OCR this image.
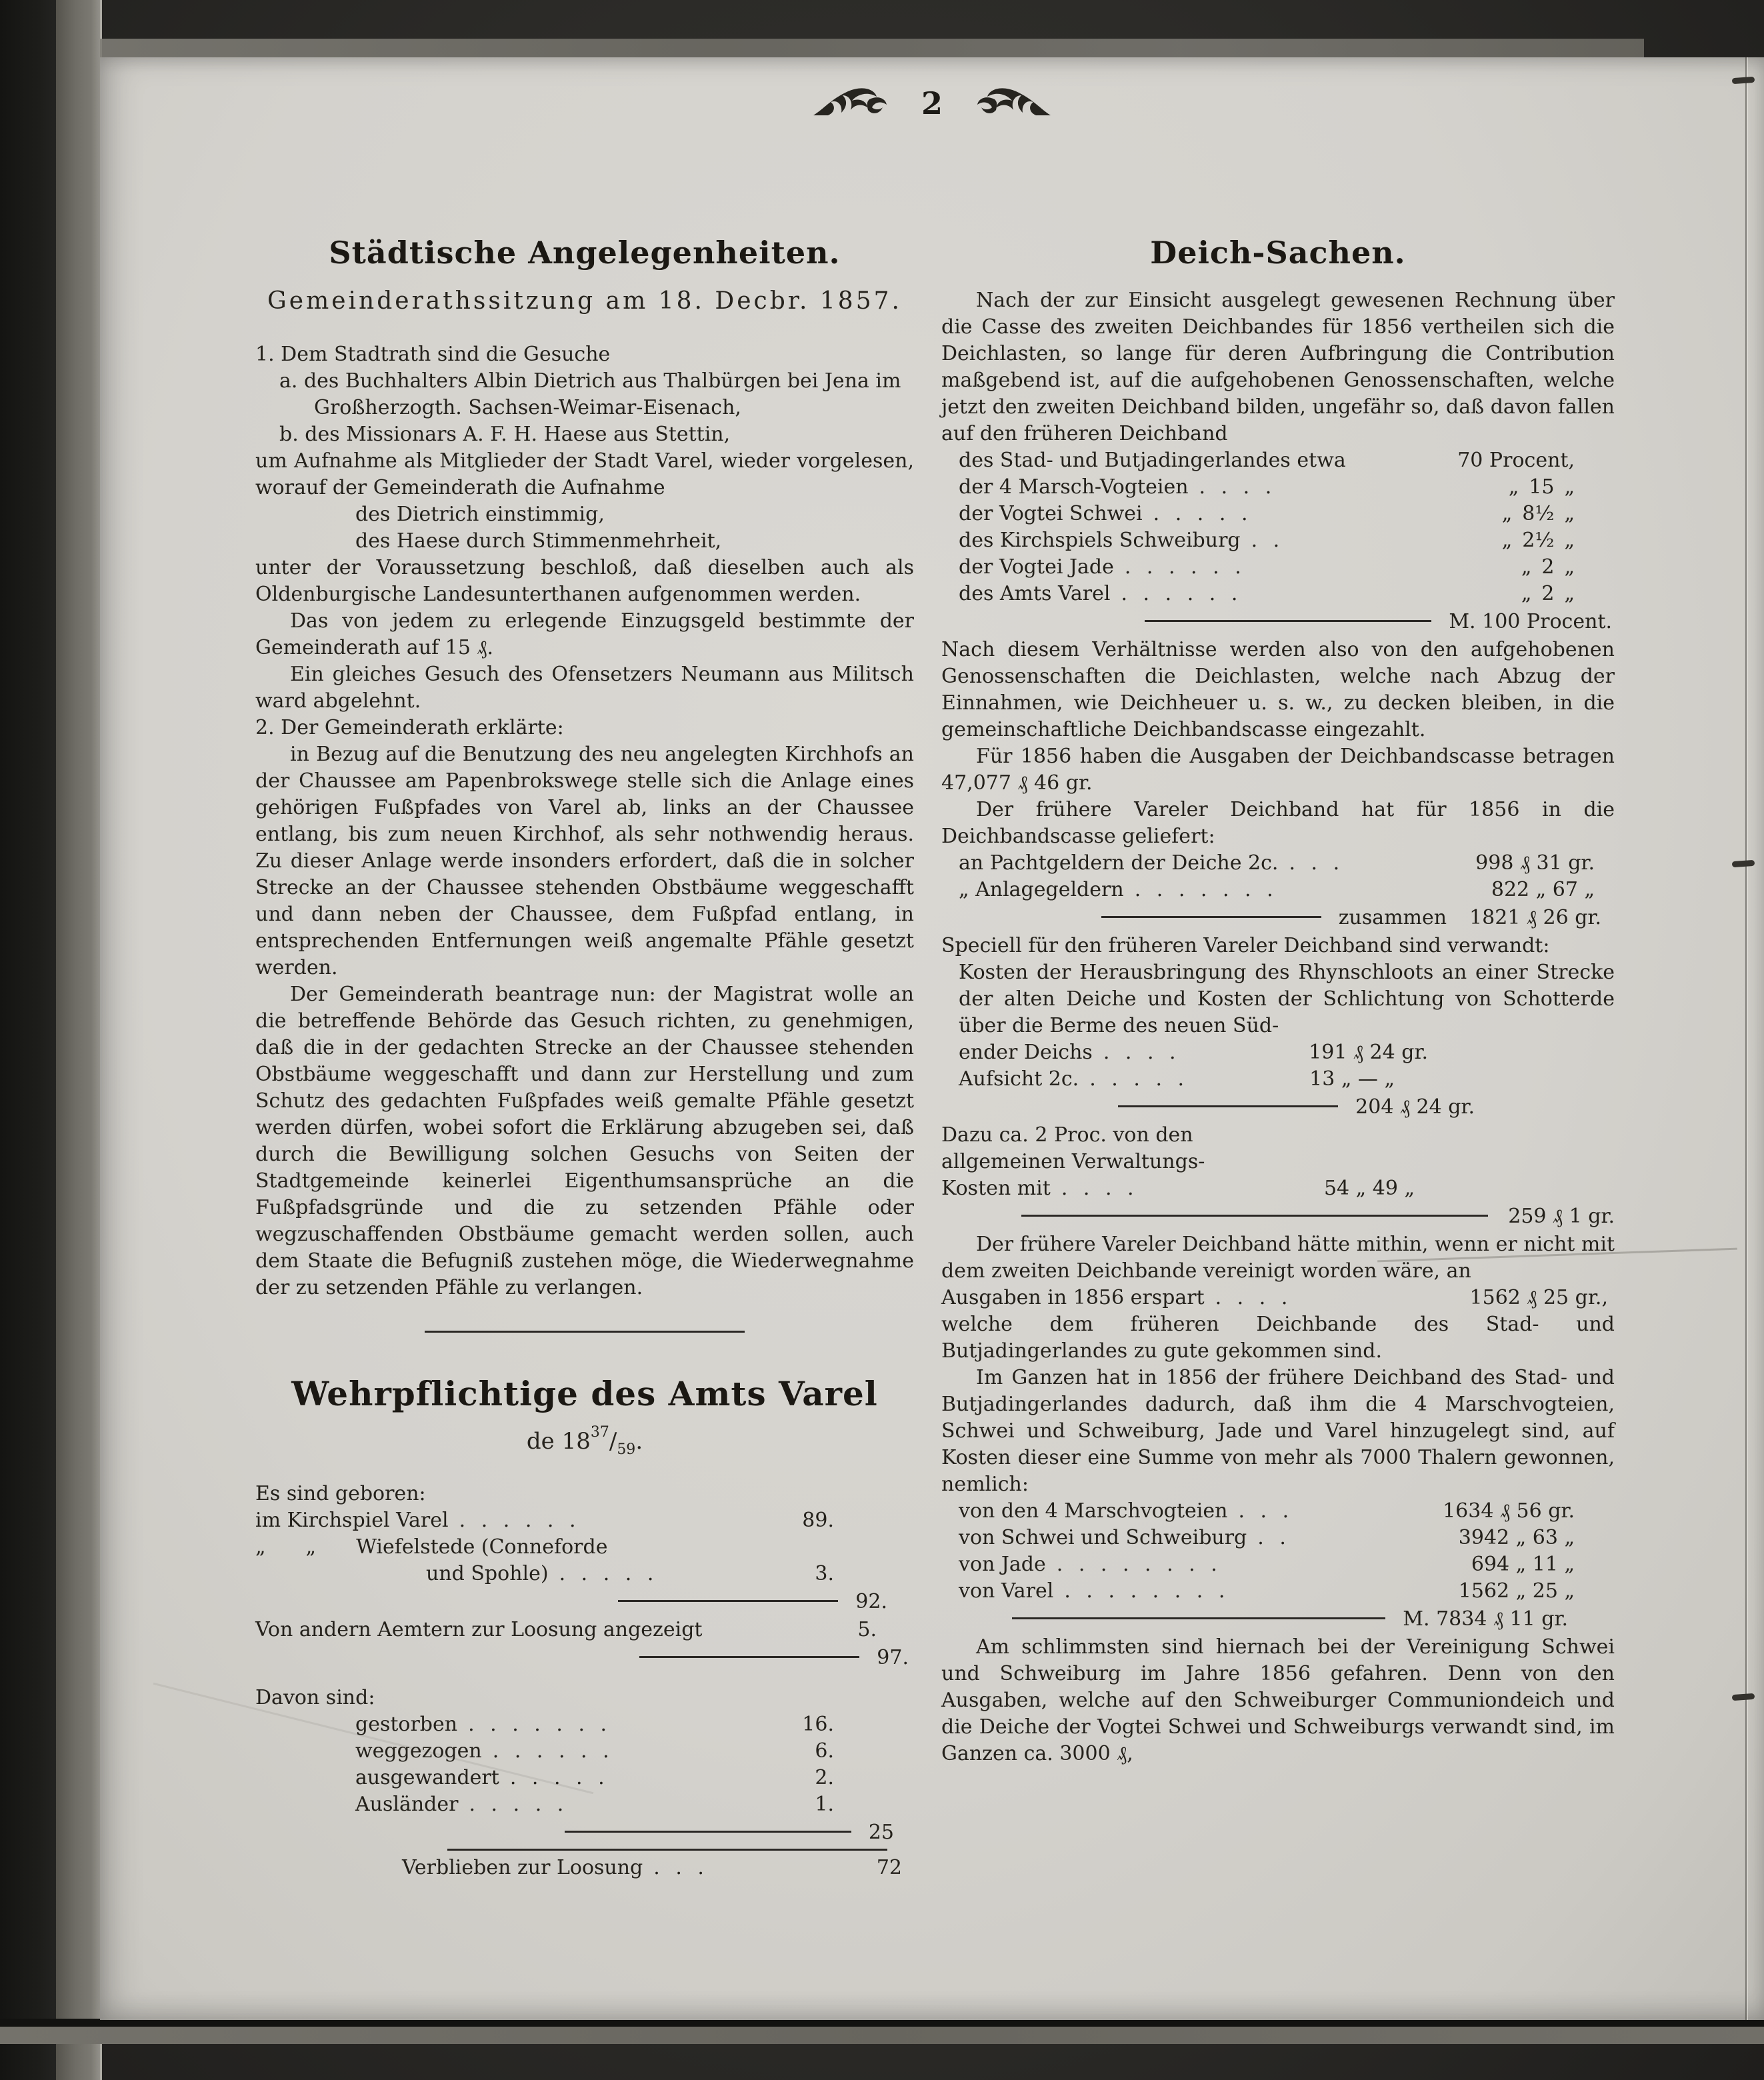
2
Städtische Angelegenheiten.
Gemeinderathssitzung am 18. Decbr. 1857.

1. Dem Stadtrath sind die Gesuche

a. des Buchhalters Albin Dietrich aus Thalbürgen bei Jena im Großherzogth. Sachsen-Weimar-Eisenach,

b. des Missionars A. F. H. Haese aus Stettin,

um Aufnahme als Mitglieder der Stadt Varel, wieder vorgelesen, worauf der Gemeinderath die Aufnahme

des Dietrich einstimmig,

des Haese durch Stimmenmehrheit,

unter der Voraussetzung beschloß, daß dieselben auch als Oldenburgische Landesunterthanen aufgenommen werden.

Das von jedem zu erlegende Einzugsgeld bestimmte der Gemeinderath auf 15 ₰.

Ein gleiches Gesuch des Ofensetzers Neumann aus Militsch ward abgelehnt.

2. Der Gemeinderath erklärte:

in Bezug auf die Benutzung des neu angelegten Kirchhofs an der Chaussee am Papenbrokswege stelle sich die Anlage eines gehörigen Fußpfades von Varel ab, links an der Chaussee entlang, bis zum neuen Kirchhof, als sehr nothwendig heraus. Zu dieser Anlage werde insonders erfordert, daß die in solcher Strecke an der Chaussee stehenden Obstbäume weggeschafft und dann neben der Chaussee, dem Fußpfad entlang, in entsprechenden Entfernungen weiß angemalte Pfähle gesetzt werden.

Der Gemeinderath beantrage nun: der Magistrat wolle an die betreffende Behörde das Gesuch richten, zu genehmigen, daß die in der gedachten Strecke an der Chaussee stehenden Obstbäume weggeschafft und dann zur Herstellung und zum Schutz des gedachten Fußpfades weiß gemalte Pfähle gesetzt werden dürfen, wobei sofort die Erklärung abzugeben sei, daß durch die Bewilligung solchen Gesuchs von Seiten der Stadtgemeinde keinerlei Eigenthumsansprüche an die Fußpfadsgründe und die zu setzenden Pfähle oder wegzuschaffenden Obstbäume gemacht werden sollen, auch dem Staate die Befugniß zustehen möge, die Wiederwegnahme der zu setzenden Pfähle zu verlangen.

Wehrpflichtige des Amts Varel
de $18^{37}/_{59}$.

Es sind geboren:

im Kirchspiel Varel . . . . . .	89.
„  „  Wiefelstede (Conneforde
und Spohle) . . . . .	3.
92.
Von andern Aemtern zur Loosung angezeigt	5.
97.

Davon sind:

gestorben . . . . . . .	16.
weggezogen . . . . . .	6.
ausgewandert . . . . .	2.
Ausländer . . . . .	1.
25
Verblieben zur Loosung . . .	72
Deich-Sachen.

Nach der zur Einsicht ausgelegt gewesenen Rechnung über die Casse des zweiten Deichbandes für 1856 vertheilen sich die Deichlasten, so lange für deren Aufbringung die Contribution maßgebend ist, auf die aufgehobenen Genossenschaften, welche jetzt den zweiten Deichband bilden, ungefähr so, daß davon fallen auf den früheren Deichband

des Stad- und Butjadingerlandes etwa	70 Procent,
der 4 Marsch-Vogteien . . . .	„ 15 „
der Vogtei Schwei . . . . .	„ 8½ „
des Kirchspiels Schweiburg . .	„ 2½ „
der Vogtei Jade . . . . . .	„ 2 „
des Amts Varel . . . . . .	„ 2 „
M. 100 Procent.

Nach diesem Verhältnisse werden also von den aufgehobenen Genossenschaften die Deichlasten, welche nach Abzug der Einnahmen, wie Deichheuer u. s. w., zu decken bleiben, in die gemeinschaftliche Deichbandscasse eingezahlt.

Für 1856 haben die Ausgaben der Deichbandscasse betragen 47,077 ₰ 46 gr.

Der frühere Vareler Deichband hat für 1856 in die Deichbandscasse geliefert:

an Pachtgeldern der Deiche 2c. . . .	998 ₰ 31 gr.
„ Anlagegeldern . . . . . . .	822 „ 67 „
zusammen 1821 ₰ 26 gr.

Speciell für den früheren Vareler Deichband sind verwandt:

Kosten der Herausbringung des Rhynschloots an einer Strecke der alten Deiche und Kosten der Schlichtung von Schotterde über die Berme des neuen Süd-

ender Deichs . . . .	191 ₰ 24 gr.
Aufsicht 2c. . . . . .	13 „ — „
204 ₰ 24 gr.

Dazu ca. 2 Proc. von den

allgemeinen Verwaltungs-

Kosten mit . . . .	54 „ 49 „
259 ₰ 1 gr.

Der frühere Vareler Deichband hätte mithin, wenn er nicht mit dem zweiten Deichbande vereinigt worden wäre, an

Ausgaben in 1856 erspart . . . .	1562 ₰ 25 gr.,

welche dem früheren Deichbande des Stad- und Butjadingerlandes zu gute gekommen sind.

Im Ganzen hat in 1856 der frühere Deichband des Stad- und Butjadingerlandes dadurch, daß ihm die 4 Marschvogteien, Schwei und Schweiburg, Jade und Varel hinzugelegt sind, auf Kosten dieser eine Summe von mehr als 7000 Thalern gewonnen, nemlich:

von den 4 Marschvogteien . . .	1634 ₰ 56 gr.
von Schwei und Schweiburg . .	3942 „ 63 „
von Jade . . . . . . . .	694 „ 11 „
von Varel . . . . . . . .	1562 „ 25 „
M. 7834 ₰ 11 gr.

Am schlimmsten sind hiernach bei der Vereinigung Schwei und Schweiburg im Jahre 1856 gefahren. Denn von den Ausgaben, welche auf den Schweiburger Communiondeich und die Deiche der Vogtei Schwei und Schweiburgs verwandt sind, im Ganzen ca. 3000 ₰,
